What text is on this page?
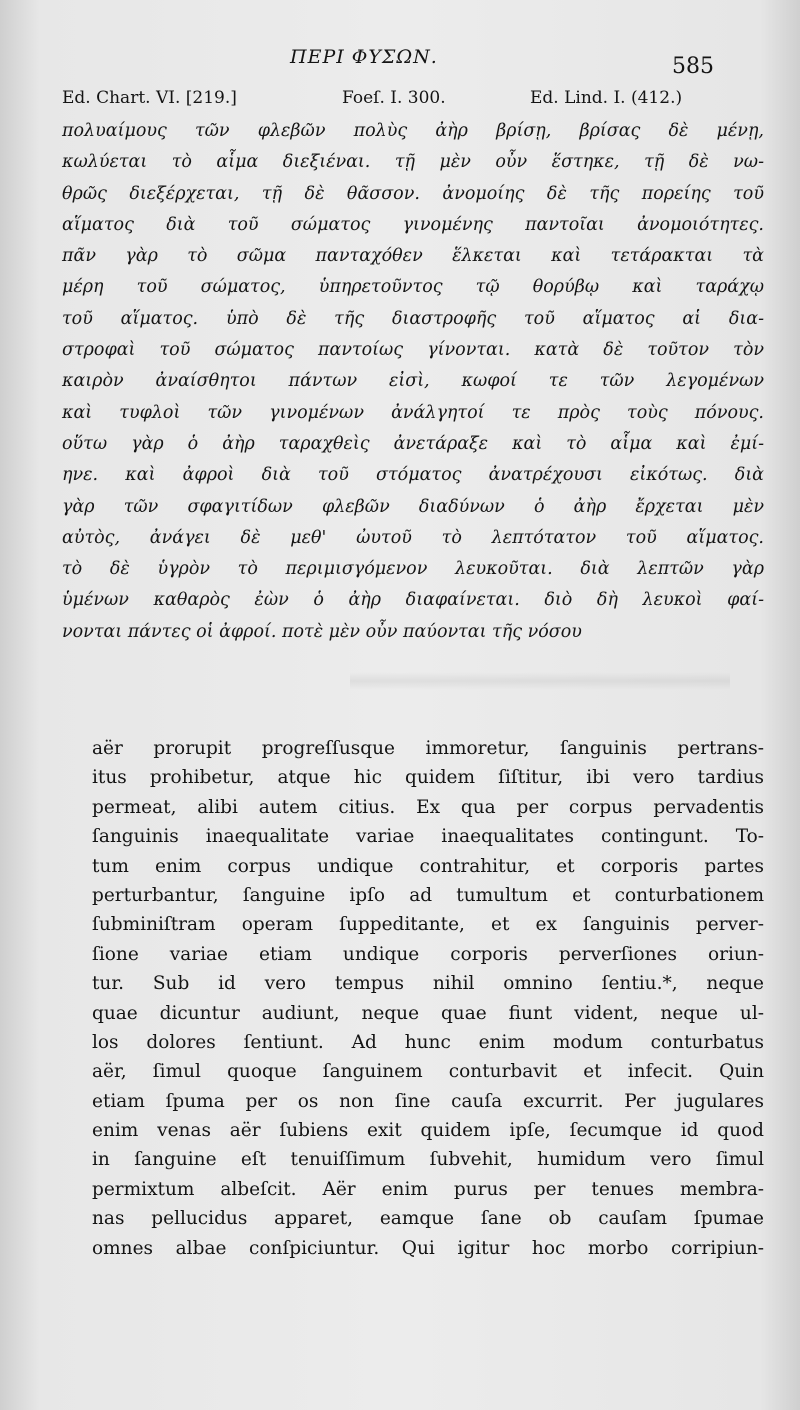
ΠΕΡΙ ΦΥΣΩΝ.	585
Ed. Chart. VI. [219.]	Foeſ. I. 300.	Ed. Lind. I. (412.)
πολυαίμους τῶν φλεβῶν πολὺς ἀὴρ βρίσῃ, βρίσας δὲ μένῃ,
κωλύεται τὸ αἷμα διεξιέναι. τῇ μὲν οὖν ἕστηκε, τῇ δὲ νω-
θρῶς διεξέρχεται, τῇ δὲ θᾶσσον. ἀνομοίης δὲ τῆς πορείης τοῦ
αἵματος διὰ τοῦ σώματος γινομένης παντοῖαι ἀνομοιότητες.
πᾶν γὰρ τὸ σῶμα πανταχόθεν ἕλκεται καὶ τετάρακται τὰ
μέρη τοῦ σώματος, ὑπηρετοῦντος τῷ θορύβῳ καὶ ταράχῳ
τοῦ αἵματος. ὑπὸ δὲ τῆς διαστροφῆς τοῦ αἵματος αἱ δια-
στροφαὶ τοῦ σώματος παντοίως γίνονται. κατὰ δὲ τοῦτον τὸν
καιρὸν ἀναίσθητοι πάντων εἰσὶ, κωφοί τε τῶν λεγομένων
καὶ τυφλοὶ τῶν γινομένων ἀνάλγητοί τε πρὸς τοὺς πόνους.
οὕτω γὰρ ὁ ἀὴρ ταραχθεὶς ἀνετάραξε καὶ τὸ αἷμα καὶ ἐμί-
ηνε. καὶ ἀφροὶ διὰ τοῦ στόματος ἀνατρέχουσι εἰκότως. διὰ
γὰρ τῶν σφαγιτίδων φλεβῶν διαδύνων ὁ ἀὴρ ἔρχεται μὲν
αὐτὸς, ἀνάγει δὲ μεθ' ὠυτοῦ τὸ λεπτότατον τοῦ αἵματος.
τὸ δὲ ὑγρὸν τὸ περιμισγόμενον λευκοῦται. διὰ λεπτῶν γὰρ
ὑμένων καθαρὸς ἐὼν ὁ ἀὴρ διαφαίνεται. διὸ δὴ λευκοὶ φαί-
νονται πάντες οἱ ἀφροί. ποτὲ μὲν οὖν παύονται τῆς νόσου
aër prorupit progreſſusque immoretur, ſanguinis pertrans-
itus prohibetur, atque hic quidem ſiſtitur, ibi vero tardius
permeat, alibi autem citius. Ex qua per corpus pervadentis
ſanguinis inaequalitate variae inaequalitates contingunt. To-
tum enim corpus undique contrahitur, et corporis partes
perturbantur, ſanguine ipſo ad tumultum et conturbationem
ſubminiſtram operam ſuppeditante, et ex ſanguinis perver-
ſione variae etiam undique corporis perverſiones oriun-
tur. Sub id vero tempus nihil omnino ſentiu.*, neque
quae dicuntur audiunt, neque quae fiunt vident, neque ul-
los dolores ſentiunt. Ad hunc enim modum conturbatus
aër, ſimul quoque ſanguinem conturbavit et infecit. Quin
etiam ſpuma per os non ſine cauſa excurrit. Per jugulares
enim venas aër ſubiens exit quidem ipſe, ſecumque id quod
in ſanguine eſt tenuiſſimum ſubvehit, humidum vero ſimul
permixtum albeſcit. Aër enim purus per tenues membra-
nas pellucidus apparet, eamque ſane ob cauſam ſpumae
omnes albae conſpiciuntur. Qui igitur hoc morbo corripiun-
